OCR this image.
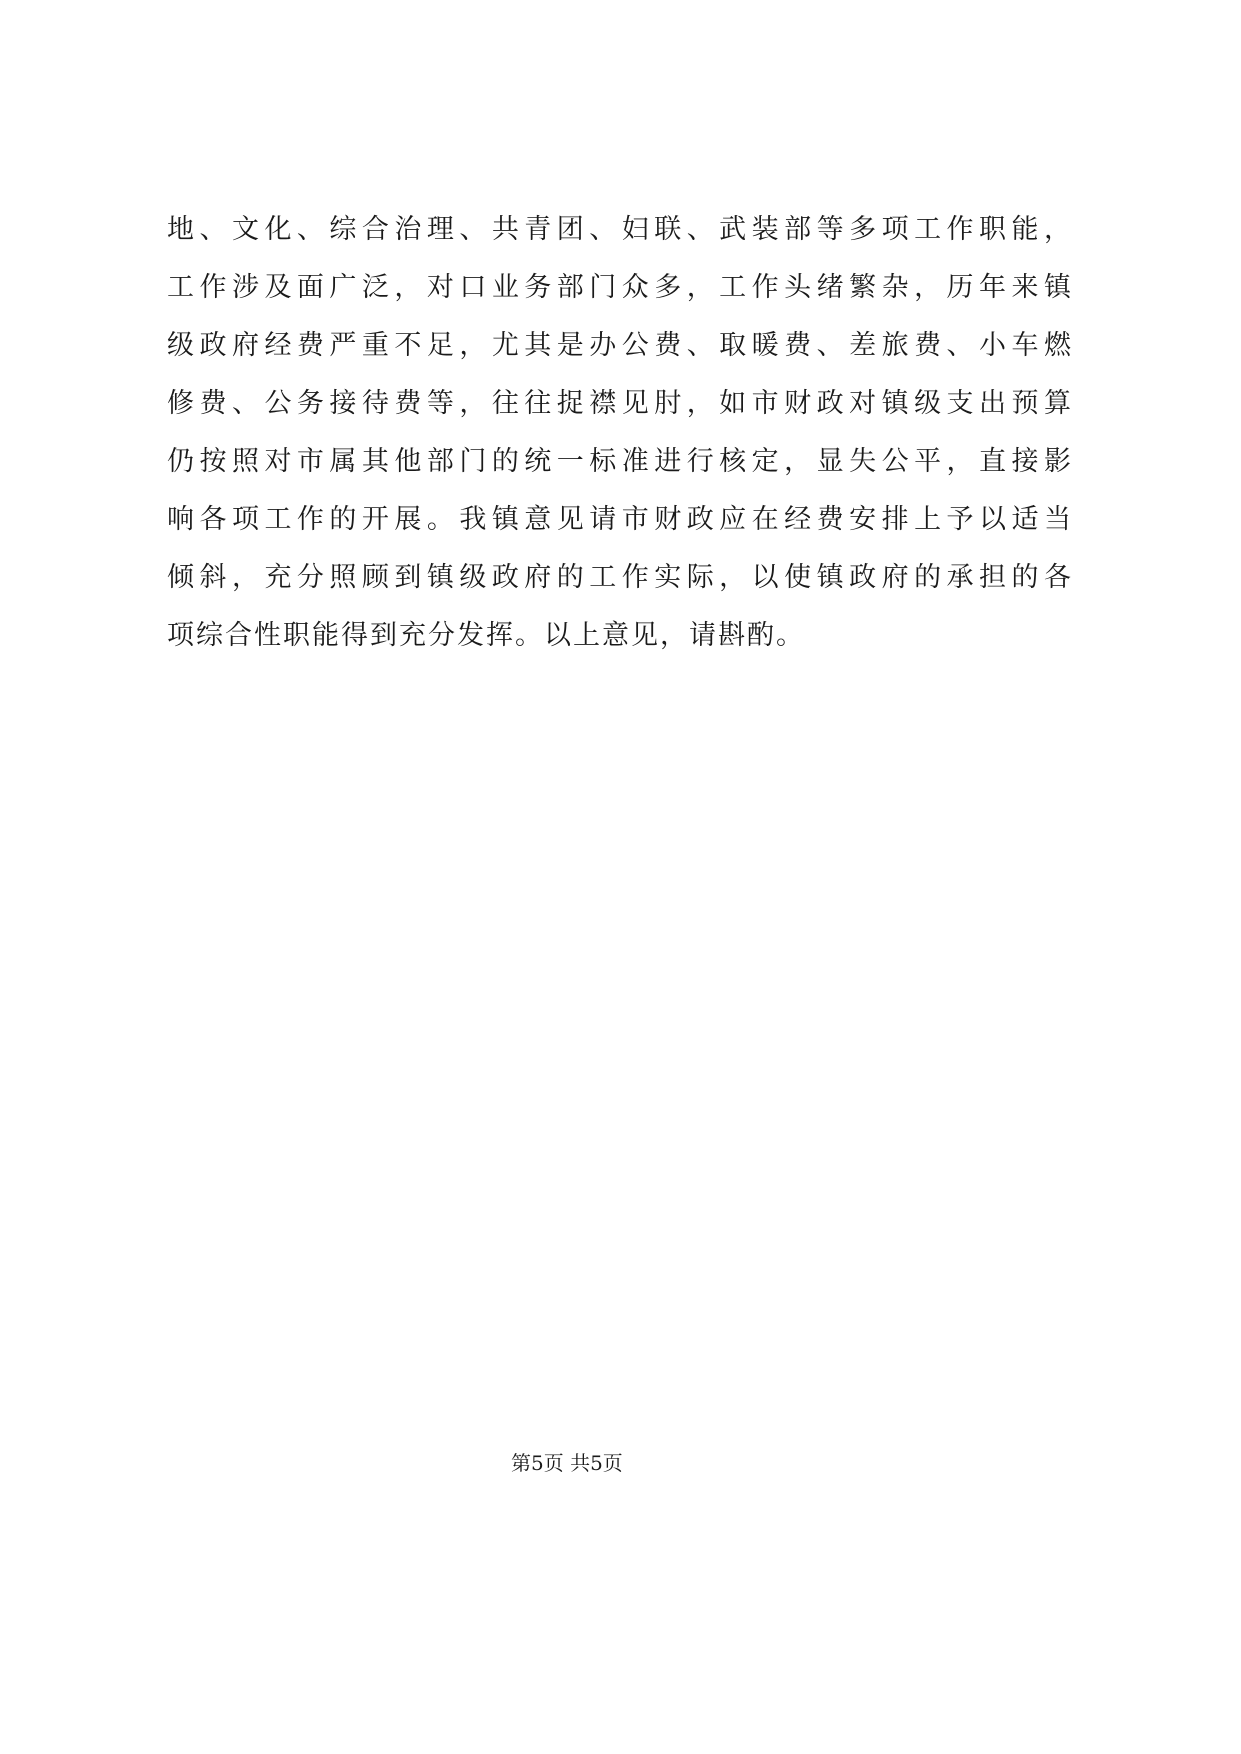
地、文化、综合治理、共青团、妇联、武装部等多项工作职能，
工作涉及面广泛，对口业务部门众多，工作头绪繁杂，历年来镇
级政府经费严重不足，尤其是办公费、取暖费、差旅费、小车燃
修费、公务接待费等，往往捉襟见肘，如市财政对镇级支出预算
仍按照对市属其他部门的统一标准进行核定，显失公平，直接影
响各项工作的开展。我镇意见请市财政应在经费安排上予以适当
倾斜，充分照顾到镇级政府的工作实际，以使镇政府的承担的各
项综合性职能得到充分发挥。以上意见，请斟酌。
第5页 共5页
